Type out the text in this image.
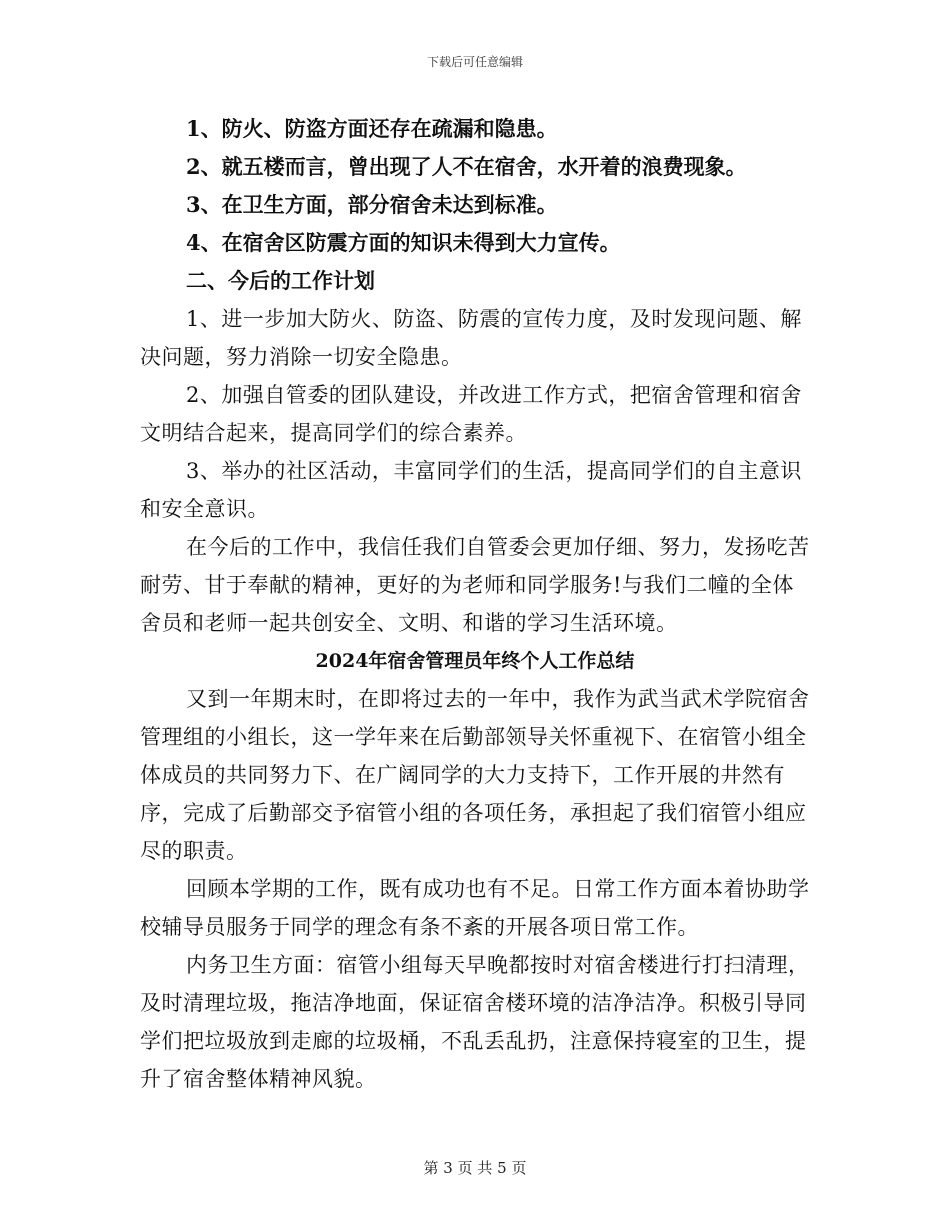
下载后可任意编辑
1、防火、防盗方面还存在疏漏和隐患。
2、就五楼而言，曾出现了人不在宿舍，水开着的浪费现象。
3、在卫生方面，部分宿舍未达到标准。
4、在宿舍区防震方面的知识未得到大力宣传。
二、今后的工作计划

1、进一步加大防火、防盗、防震的宣传力度，及时发现问题、解决问题，努力消除一切安全隐患。

2、加强自管委的团队建设，并改进工作方式，把宿舍管理和宿舍文明结合起来，提高同学们的综合素养。

3、举办的社区活动，丰富同学们的生活，提高同学们的自主意识和安全意识。

在今后的工作中，我信任我们自管委会更加仔细、努力，发扬吃苦耐劳、甘于奉献的精神，更好的为老师和同学服务!与我们二幢的全体舍员和老师一起共创安全、文明、和谐的学习生活环境。

2024年宿舍管理员年终个人工作总结

又到一年期末时，在即将过去的一年中，我作为武当武术学院宿舍管理组的小组长，这一学年来在后勤部领导关怀重视下、在宿管小组全体成员的共同努力下、在广阔同学的大力支持下，工作开展的井然有序，完成了后勤部交予宿管小组的各项任务，承担起了我们宿管小组应尽的职责。

回顾本学期的工作，既有成功也有不足。日常工作方面本着协助学校辅导员服务于同学的理念有条不紊的开展各项日常工作。

内务卫生方面：宿管小组每天早晚都按时对宿舍楼进行打扫清理，及时清理垃圾，拖洁净地面，保证宿舍楼环境的洁净洁净。积极引导同学们把垃圾放到走廊的垃圾桶，不乱丢乱扔，注意保持寝室的卫生，提升了宿舍整体精神风貌。

第 3 页 共 5 页
